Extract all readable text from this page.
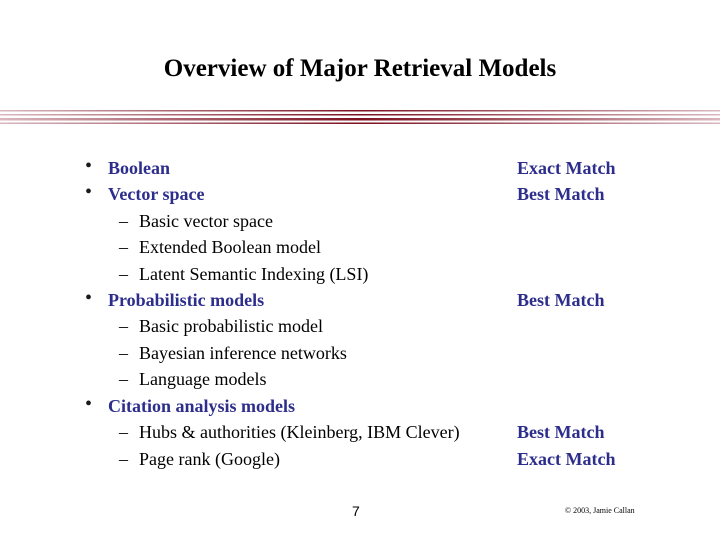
Overview of Major Retrieval Models
• Boolean	Exact Match
• Vector space	Best Match
– Basic vector space
– Extended Boolean model
– Latent Semantic Indexing (LSI)
• Probabilistic models	Best Match
– Basic probabilistic model
– Bayesian inference networks
– Language models
• Citation analysis models
– Hubs & authorities (Kleinberg, IBM Clever)	Best Match
– Page rank (Google)	Exact Match
7	© 2003, Jamie Callan
